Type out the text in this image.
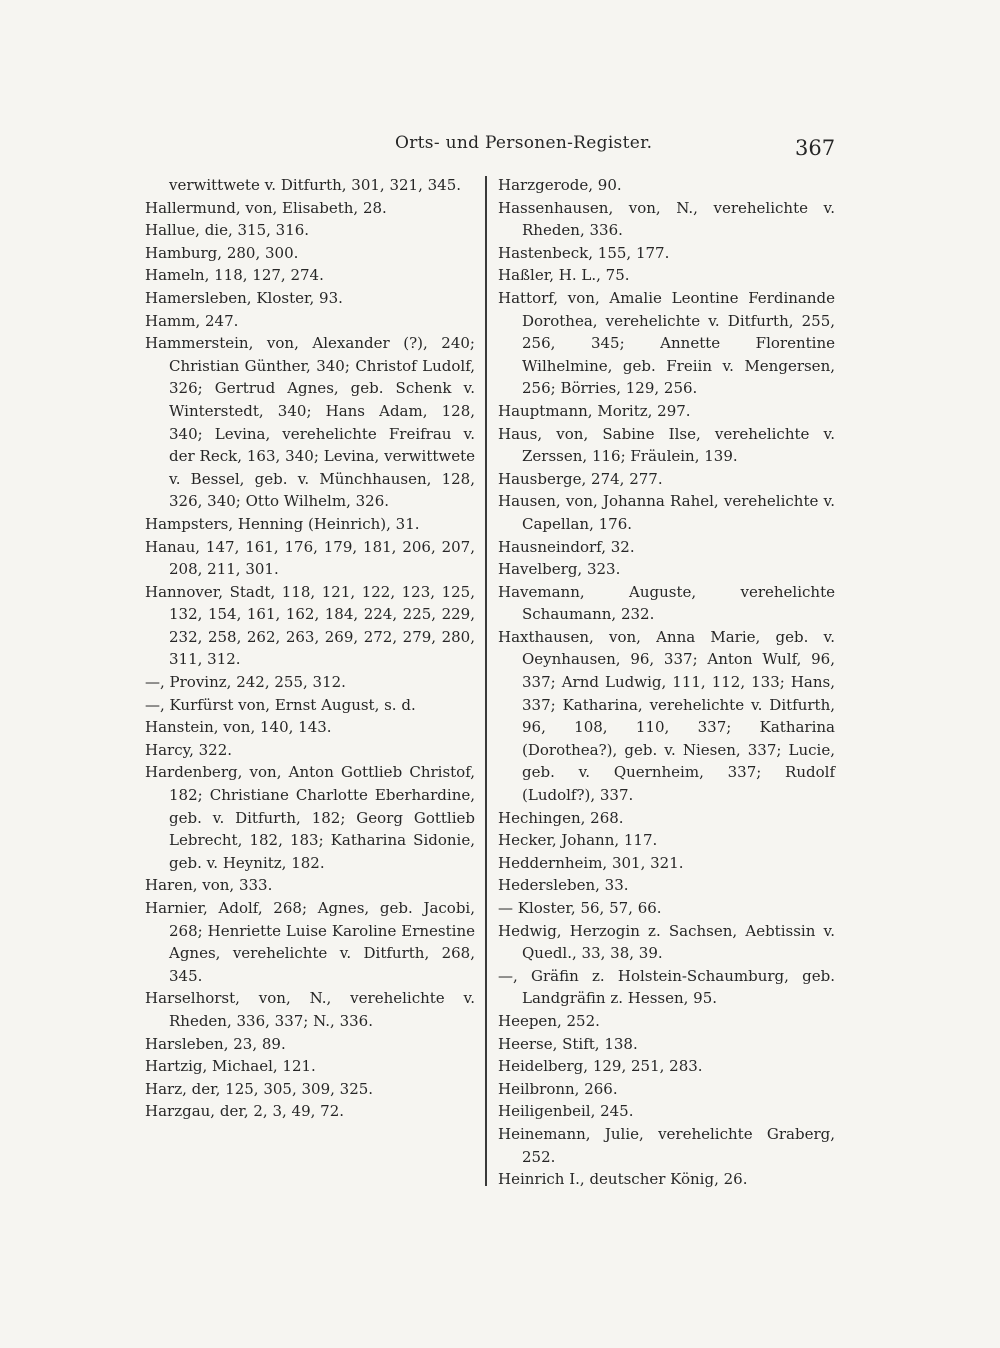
Orts- und Personen-Register.	367
verwittwete v. Ditfurth, 301, 321, 345.
Hallermund, von, Elisabeth, 28.
Hallue, die, 315, 316.
Hamburg, 280, 300.
Hameln, 118, 127, 274.
Hamersleben, Kloster, 93.
Hamm, 247.
Hammerstein, von, Alexander (?), 240; Christian Günther, 340; Christof Ludolf, 326; Gertrud Agnes, geb. Schenk v. Winterstedt, 340; Hans Adam, 128, 340; Levina, verehelichte Freifrau v. der Reck, 163, 340; Levina, verwittwete v. Bessel, geb. v. Münchhausen, 128, 326, 340; Otto Wilhelm, 326.
Hampsters, Henning (Heinrich), 31.
Hanau, 147, 161, 176, 179, 181, 206, 207, 208, 211, 301.
Hannover, Stadt, 118, 121, 122, 123, 125, 132, 154, 161, 162, 184, 224, 225, 229, 232, 258, 262, 263, 269, 272, 279, 280, 311, 312.
—, Provinz, 242, 255, 312.
—, Kurfürst von, Ernst August, s. d.
Hanstein, von, 140, 143.
Harcy, 322.
Hardenberg, von, Anton Gottlieb Christof, 182; Christiane Charlotte Eberhardine, geb. v. Ditfurth, 182; Georg Gottlieb Lebrecht, 182, 183; Katharina Sidonie, geb. v. Heynitz, 182.
Haren, von, 333.
Harnier, Adolf, 268; Agnes, geb. Jacobi, 268; Henriette Luise Karoline Ernestine Agnes, verehelichte v. Ditfurth, 268, 345.
Harselhorst, von, N., verehelichte v. Rheden, 336, 337; N., 336.
Harsleben, 23, 89.
Hartzig, Michael, 121.
Harz, der, 125, 305, 309, 325.
Harzgau, der, 2, 3, 49, 72.
Harzgerode, 90.
Hassenhausen, von, N., verehelichte v. Rheden, 336.
Hastenbeck, 155, 177.
Haßler, H. L., 75.
Hattorf, von, Amalie Leontine Ferdinande Dorothea, verehelichte v. Ditfurth, 255, 256, 345; Annette Florentine Wilhelmine, geb. Freiin v. Mengersen, 256; Börries, 129, 256.
Hauptmann, Moritz, 297.
Haus, von, Sabine Ilse, verehelichte v. Zerssen, 116; Fräulein, 139.
Hausberge, 274, 277.
Hausen, von, Johanna Rahel, verehelichte v. Capellan, 176.
Hausneindorf, 32.
Havelberg, 323.
Havemann, Auguste, verehelichte Schaumann, 232.
Haxthausen, von, Anna Marie, geb. v. Oeynhausen, 96, 337; Anton Wulf, 96, 337; Arnd Ludwig, 111, 112, 133; Hans, 337; Katharina, verehelichte v. Ditfurth, 96, 108, 110, 337; Katharina (Dorothea?), geb. v. Niesen, 337; Lucie, geb. v. Quernheim, 337; Rudolf (Ludolf?), 337.
Hechingen, 268.
Hecker, Johann, 117.
Heddernheim, 301, 321.
Hedersleben, 33.
— Kloster, 56, 57, 66.
Hedwig, Herzogin z. Sachsen, Aebtissin v. Quedl., 33, 38, 39.
—, Gräfin z. Holstein-Schaumburg, geb. Landgräfin z. Hessen, 95.
Heepen, 252.
Heerse, Stift, 138.
Heidelberg, 129, 251, 283.
Heilbronn, 266.
Heiligenbeil, 245.
Heinemann, Julie, verehelichte Graberg, 252.
Heinrich I., deutscher König, 26.
